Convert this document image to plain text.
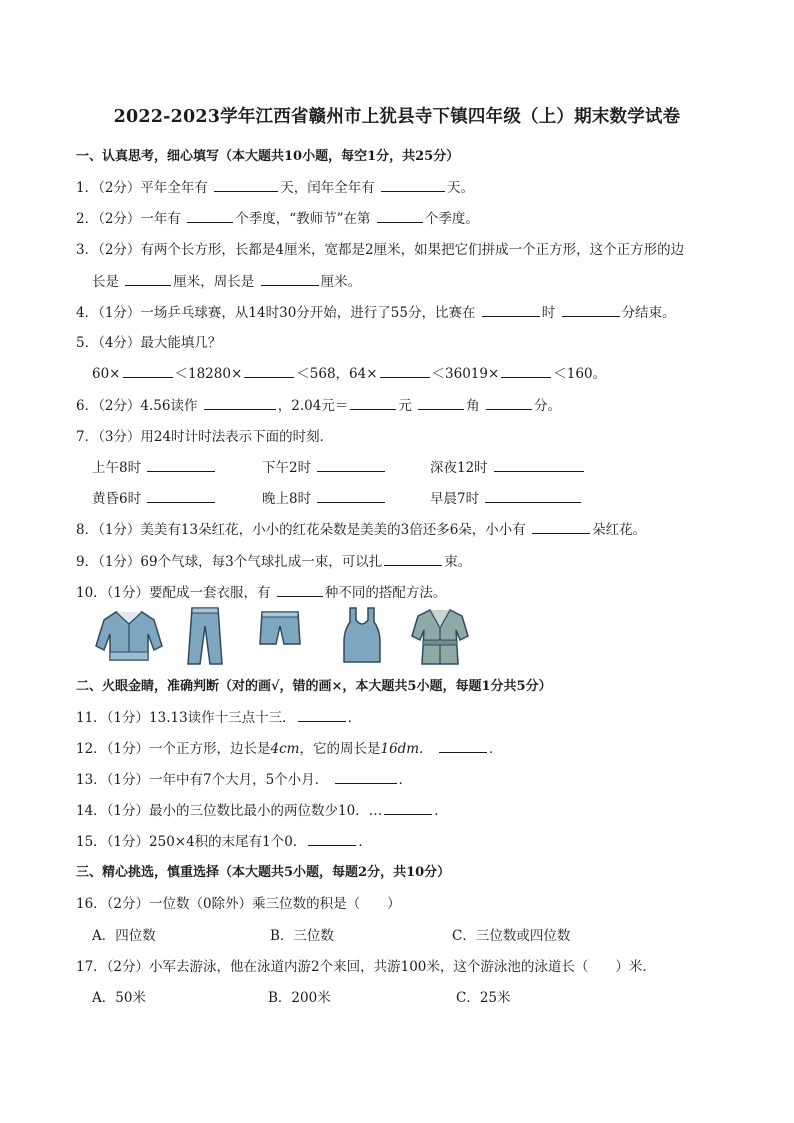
2022-2023学年江西省赣州市上犹县寺下镇四年级（上）期末数学试卷
一、认真思考，细心填写（本大题共10小题，每空1分，共25分）
1．（2分）平年全年有	天，闰年全年有	天。
2．（2分）一年有	个季度，“教师节”在第	个季度。
3．（2分）有两个长方形，长都是4厘米，宽都是2厘米，如果把它们拼成一个正方形，这个正方形的边
长是	厘米，周长是	厘米。
4．（1分）一场乒乓球赛，从14时30分开始，进行了55分，比赛在	时	分结束。
5．（4分）最大能填几？
60×	＜18280×	＜568，64×	＜36019×	＜160。
6．（2分）4.56读作	，2.04元＝	元	角	分。
7．（3分）用24时计时法表示下面的时刻．
上午8时	下午2时	深夜12时
黄昏6时	晚上8时	早晨7时
8．（1分）美美有13朵红花，小小的红花朵数是美美的3倍还多6朵，小小有	朵红花。
9．（1分）69个气球，每3个气球扎成一束，可以扎	束。
10．（1分）要配成一套衣服，有	种不同的搭配方法。
二、火眼金睛，准确判断（对的画√，错的画×，本大题共5小题，每题1分共5分）
11．（1分）13.13读作十三点十三．	．
12．（1分）一个正方形，边长是4cm，它的周长是16dm．	．
13．（1分）一年中有7个大月，5个小月．	．
14．（1分）最小的三位数比最小的两位数少10．…	．
15．（1分）250×4积的末尾有1个0．	．
三、精心挑选，慎重选择（本大题共5小题，每题2分，共10分）
16．（2分）一位数（0除外）乘三位数的积是（　　）
A．四位数	B．三位数	C．三位数或四位数
17．（2分）小军去游泳，他在泳道内游2个来回，共游100米，这个游泳池的泳道长（　　）米．
A．50米	B．200米	C．25米
